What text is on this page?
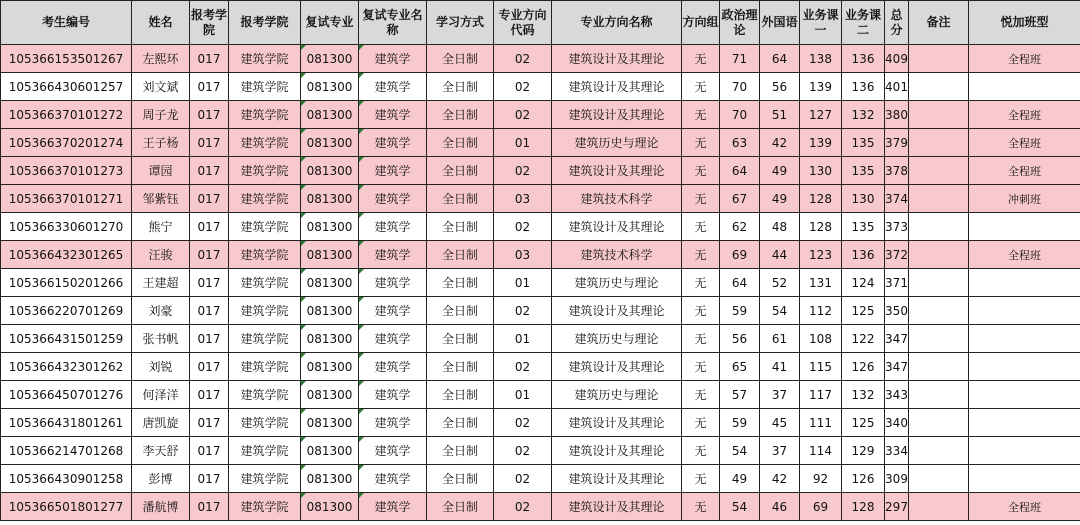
考生编号	姓名	报考学院	报考学院	复试专业	复试专业名称	学习方式	专业方向代码	专业方向名称	方向组	政治理论	外国语	业务课一	业务课二	总分	备注	悦加班型
105366153501267	左熙环	017	建筑学院	081300	建筑学	全日制	02	建筑设计及其理论	无	71	64	138	136	409		全程班
105366430601257	刘文斌	017	建筑学院	081300	建筑学	全日制	02	建筑设计及其理论	无	70	56	139	136	401		
105366370101272	周子龙	017	建筑学院	081300	建筑学	全日制	02	建筑设计及其理论	无	70	51	127	132	380		全程班
105366370201274	王子杨	017	建筑学院	081300	建筑学	全日制	01	建筑历史与理论	无	63	42	139	135	379		全程班
105366370101273	谭园	017	建筑学院	081300	建筑学	全日制	02	建筑设计及其理论	无	64	49	130	135	378		全程班
105366370101271	邹紫钰	017	建筑学院	081300	建筑学	全日制	03	建筑技术科学	无	67	49	128	130	374		冲刺班
105366330601270	熊宁	017	建筑学院	081300	建筑学	全日制	02	建筑设计及其理论	无	62	48	128	135	373		
105366432301265	汪骏	017	建筑学院	081300	建筑学	全日制	03	建筑技术科学	无	69	44	123	136	372		全程班
105366150201266	王建超	017	建筑学院	081300	建筑学	全日制	01	建筑历史与理论	无	64	52	131	124	371		
105366220701269	刘豪	017	建筑学院	081300	建筑学	全日制	02	建筑设计及其理论	无	59	54	112	125	350		
105366431501259	张书帆	017	建筑学院	081300	建筑学	全日制	01	建筑历史与理论	无	56	61	108	122	347		
105366432301262	刘锐	017	建筑学院	081300	建筑学	全日制	02	建筑设计及其理论	无	65	41	115	126	347		
105366450701276	何泽洋	017	建筑学院	081300	建筑学	全日制	01	建筑历史与理论	无	57	37	117	132	343		
105366431801261	唐凯旋	017	建筑学院	081300	建筑学	全日制	02	建筑设计及其理论	无	59	45	111	125	340		
105366214701268	李天舒	017	建筑学院	081300	建筑学	全日制	02	建筑设计及其理论	无	54	37	114	129	334		
105366430901258	彭博	017	建筑学院	081300	建筑学	全日制	02	建筑设计及其理论	无	49	42	92	126	309		
105366501801277	潘航博	017	建筑学院	081300	建筑学	全日制	02	建筑设计及其理论	无	54	46	69	128	297		全程班
